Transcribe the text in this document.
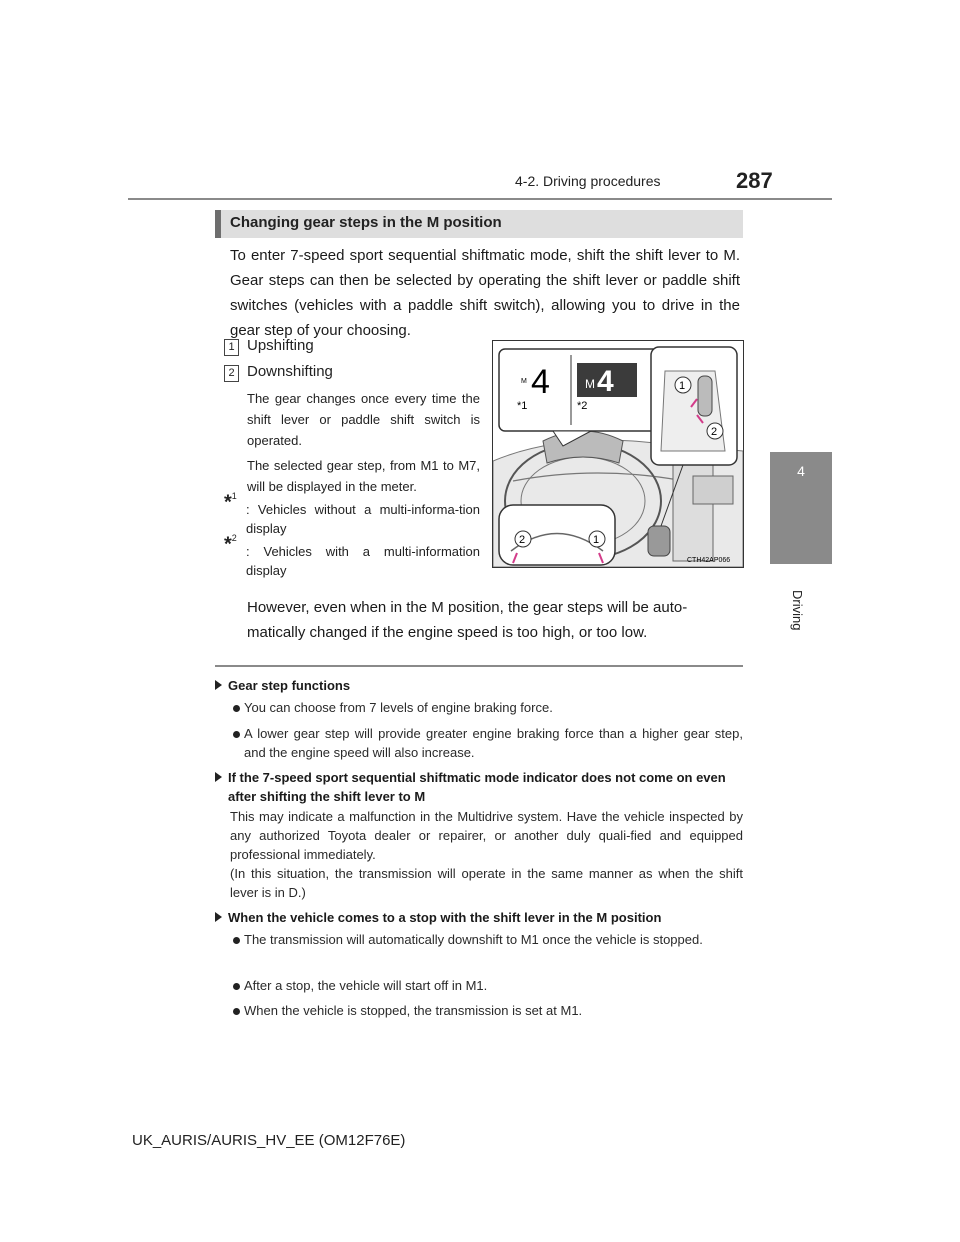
4-2. Driving procedures	287
4
Driving
Changing gear steps in the M position
To enter 7-speed sport sequential shiftmatic mode, shift the shift lever to M. Gear steps can then be selected by operating the shift lever or paddle shift switches (vehicles with a paddle shift switch), allowing you to drive in the gear step of your choosing.
1 Upshifting
2 Downshifting
The gear changes once every time the shift lever or paddle shift switch is operated.
The selected gear step, from M1 to M7, will be displayed in the meter.
*$^1$
: Vehicles without a multi-informa-tion display
*$^2$
: Vehicles with a multi-information display
M 4
*1
M 4
*2
1
2
2	1
CTH42AP066
However, even when in the M position, the gear steps will be auto-matically changed if the engine speed is too high, or too low.
Gear step functions
You can choose from 7 levels of engine braking force.
A lower gear step will provide greater engine braking force than a higher gear step, and the engine speed will also increase.
If the 7-speed sport sequential shiftmatic mode indicator does not come on even after shifting the shift lever to M
This may indicate a malfunction in the Multidrive system. Have the vehicle inspected by any authorized Toyota dealer or repairer, or another duly quali-fied and equipped professional immediately.
(In this situation, the transmission will operate in the same manner as when the shift lever is in D.)
When the vehicle comes to a stop with the shift lever in the M position
The transmission will automatically downshift to M1 once the vehicle is stopped.
After a stop, the vehicle will start off in M1.
When the vehicle is stopped, the transmission is set at M1.
UK_AURIS/AURIS_HV_EE (OM12F76E)
